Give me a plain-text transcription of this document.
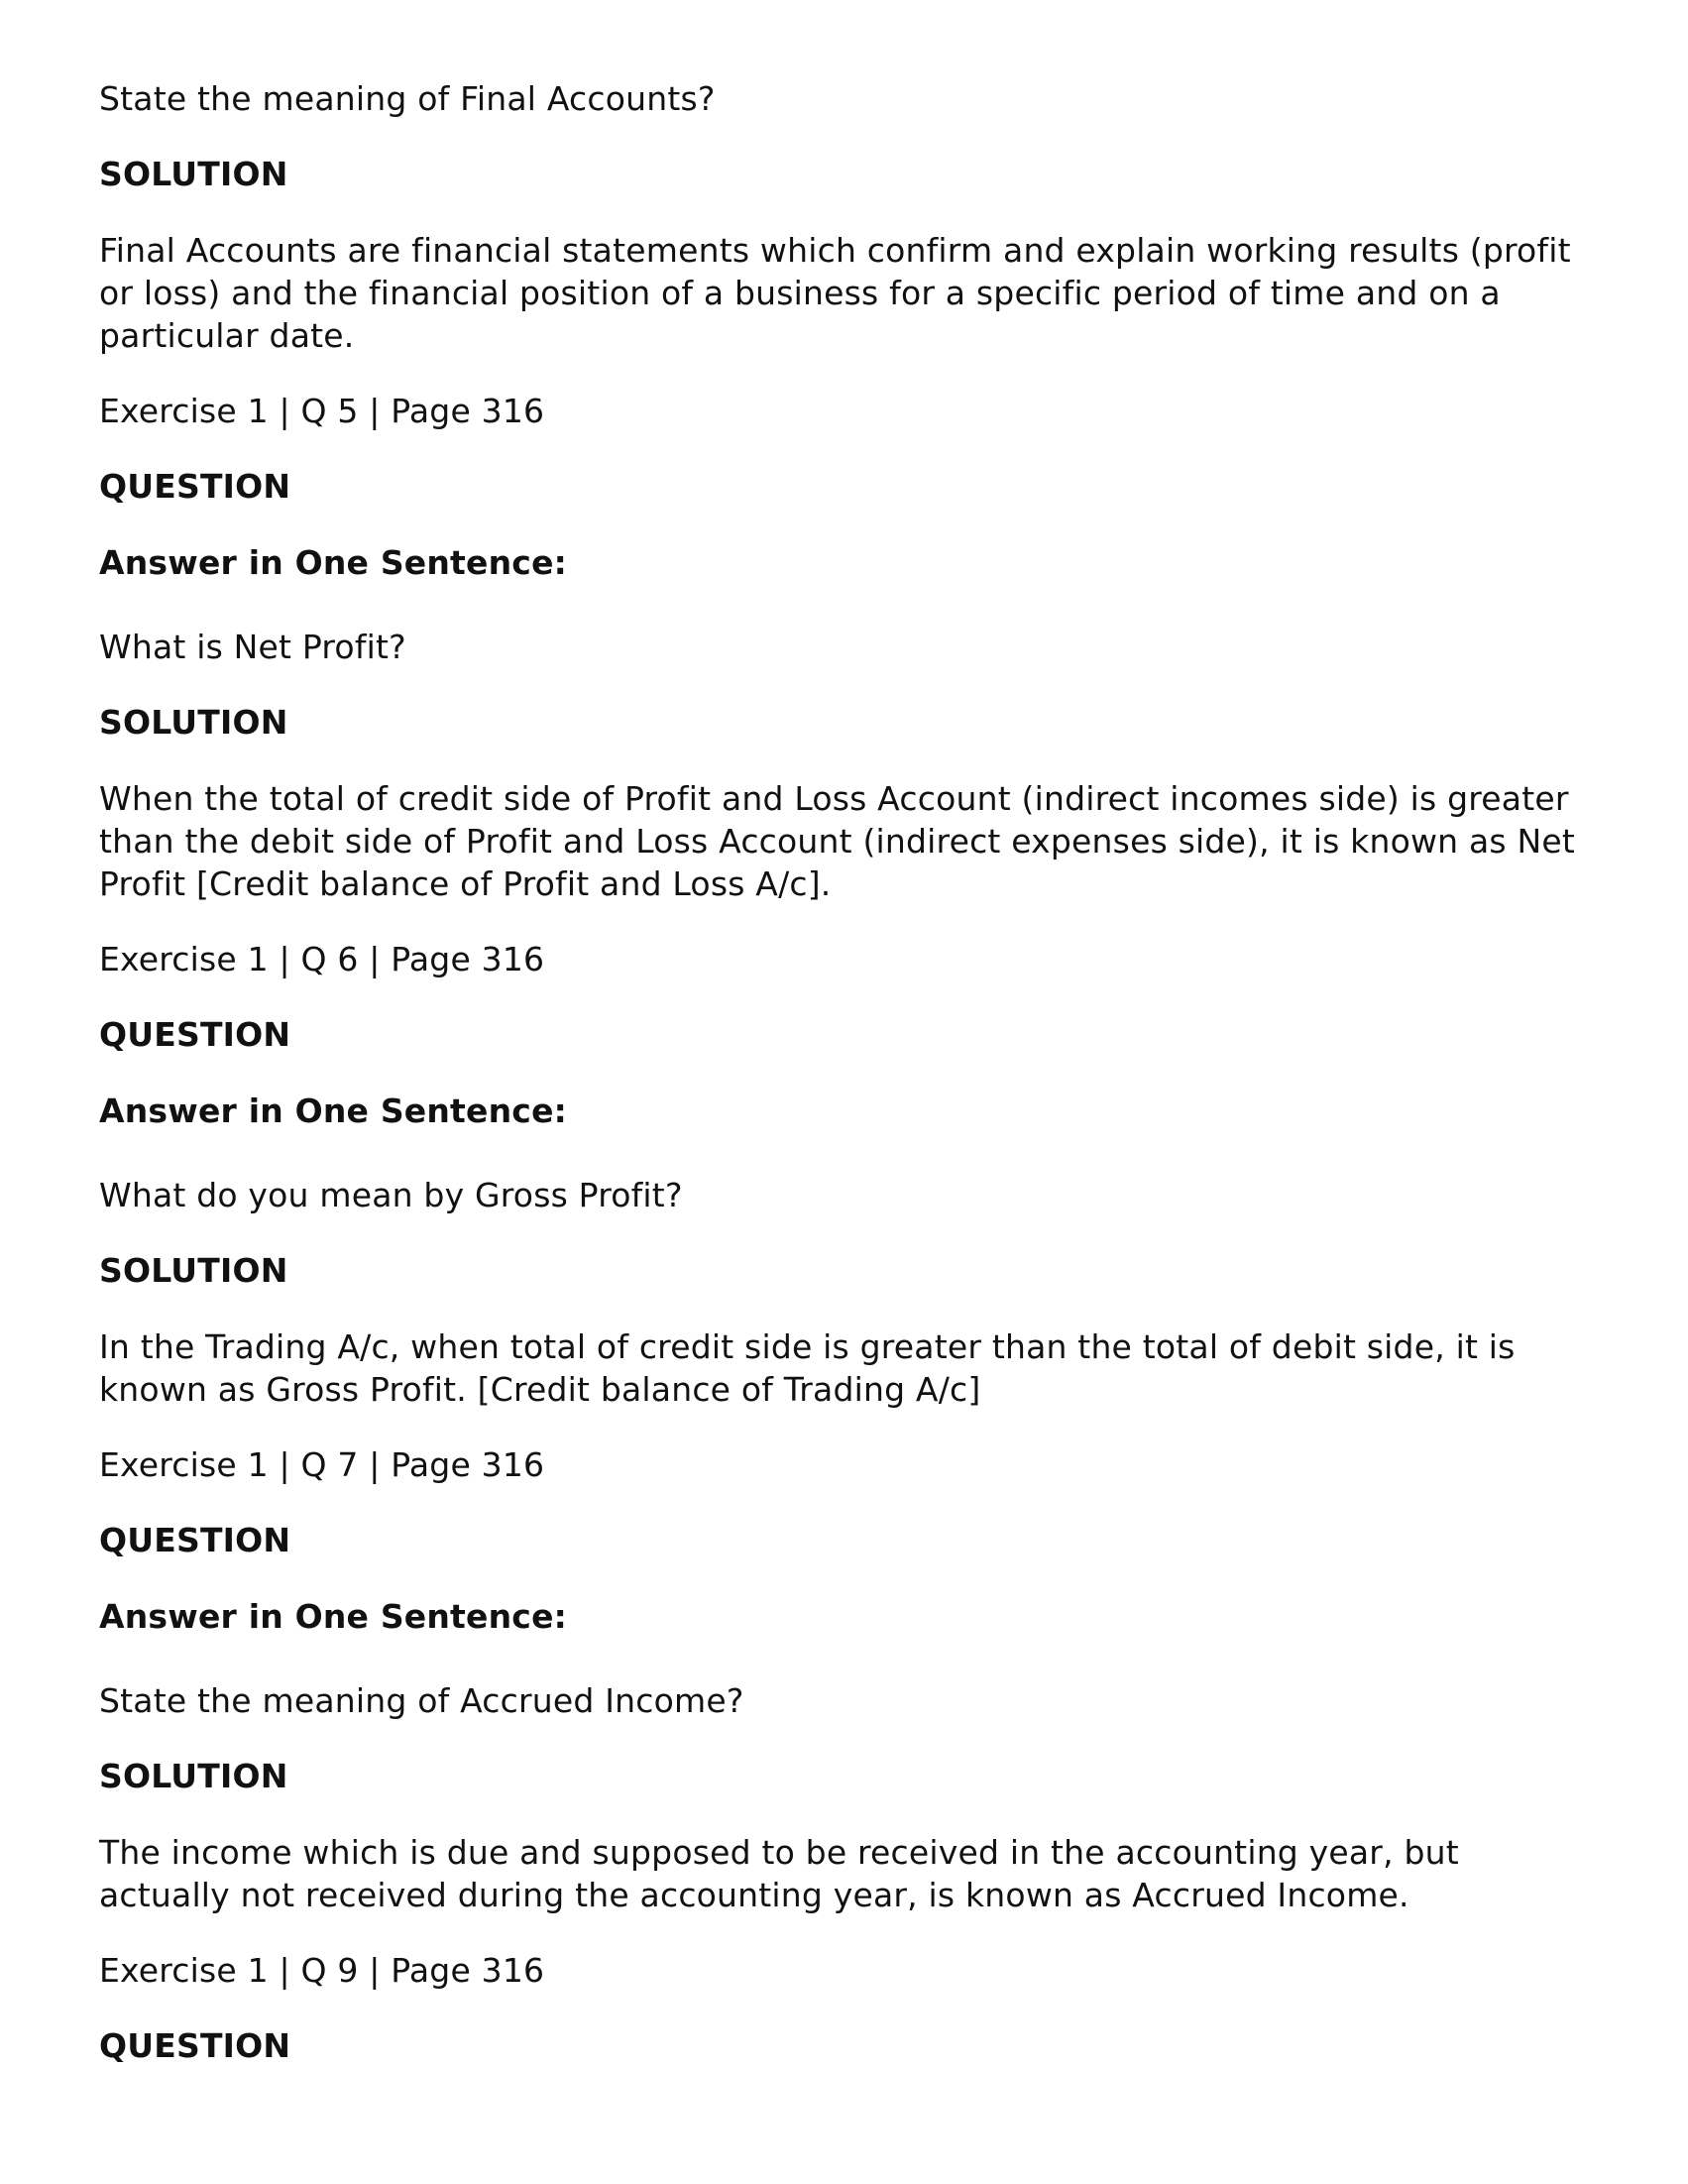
State the meaning of Final Accounts?
SOLUTION
Final Accounts are financial statements which confirm and explain working results (profit
or loss) and the financial position of a business for a specific period of time and on a
particular date.
Exercise 1 | Q 5 | Page 316
QUESTION
Answer in One Sentence:
What is Net Profit?
SOLUTION
When the total of credit side of Profit and Loss Account (indirect incomes side) is greater
than the debit side of Profit and Loss Account (indirect expenses side), it is known as Net
Profit [Credit balance of Profit and Loss A/c].
Exercise 1 | Q 6 | Page 316
QUESTION
Answer in One Sentence:
What do you mean by Gross Profit?
SOLUTION
In the Trading A/c, when total of credit side is greater than the total of debit side, it is
known as Gross Profit. [Credit balance of Trading A/c]
Exercise 1 | Q 7 | Page 316
QUESTION
Answer in One Sentence:
State the meaning of Accrued Income?
SOLUTION
The income which is due and supposed to be received in the accounting year, but
actually not received during the accounting year, is known as Accrued Income.
Exercise 1 | Q 9 | Page 316
QUESTION
